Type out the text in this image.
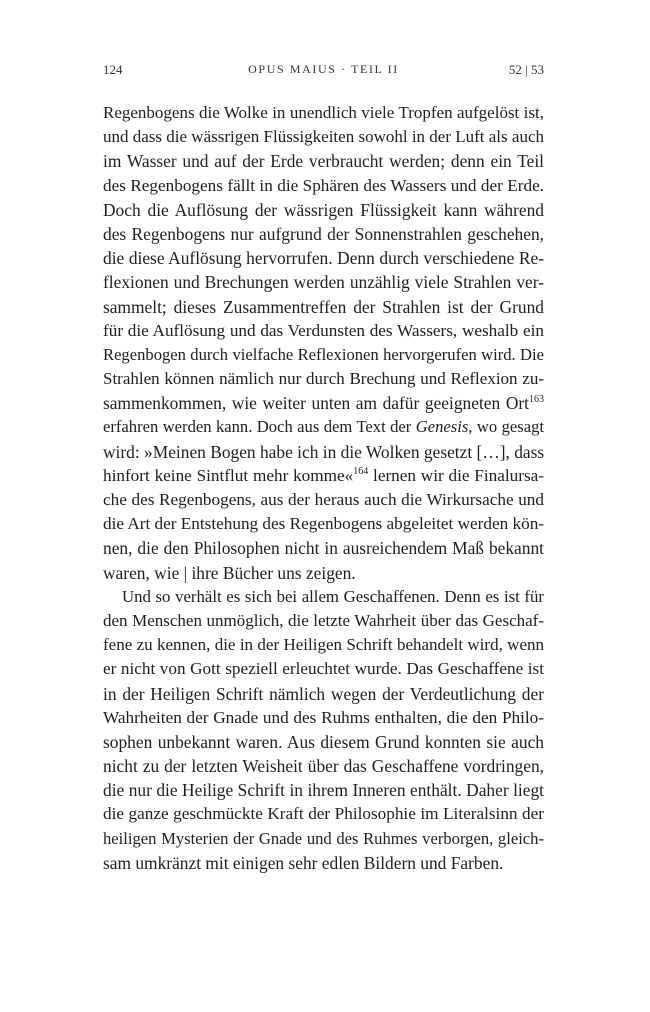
124	OPUS MAIUS · TEIL II	52 | 53
Regenbogens die Wolke in unendlich viele Tropfen aufgelöst ist,
und dass die wässrigen Flüssigkeiten sowohl in der Luft als auch
im Wasser und auf der Erde verbraucht werden; denn ein Teil
des Regenbogens fällt in die Sphären des Wassers und der Erde.
Doch die Auflösung der wässrigen Flüssigkeit kann während
des Regenbogens nur aufgrund der Sonnenstrahlen geschehen,
die diese Auflösung hervorrufen. Denn durch verschiedene Re-
flexionen und Brechungen werden unzählig viele Strahlen ver-
sammelt; dieses Zusammentreffen der Strahlen ist der Grund
für die Auflösung und das Verdunsten des Wassers, weshalb ein
Regenbogen durch vielfache Reflexionen hervorgerufen wird. Die
Strahlen können nämlich nur durch Brechung und Reflexion zu-
sammenkommen, wie weiter unten am dafür geeigneten Ort$^{163}$
erfahren werden kann. Doch aus dem Text der Genesis, wo gesagt
wird: »Meinen Bogen habe ich in die Wolken gesetzt […], dass
hinfort keine Sintflut mehr komme«$^{164}$ lernen wir die Finalursa-
che des Regenbogens, aus der heraus auch die Wirkursache und
die Art der Entstehung des Regenbogens abgeleitet werden kön-
nen, die den Philosophen nicht in ausreichendem Maß bekannt
waren, wie | ihre Bücher uns zeigen.
Und so verhält es sich bei allem Geschaffenen. Denn es ist für
den Menschen unmöglich, die letzte Wahrheit über das Geschaf-
fene zu kennen, die in der Heiligen Schrift behandelt wird, wenn
er nicht von Gott speziell erleuchtet wurde. Das Geschaffene ist
in der Heiligen Schrift nämlich wegen der Verdeutlichung der
Wahrheiten der Gnade und des Ruhms enthalten, die den Philo-
sophen unbekannt waren. Aus diesem Grund konnten sie auch
nicht zu der letzten Weisheit über das Geschaffene vordringen,
die nur die Heilige Schrift in ihrem Inneren enthält. Daher liegt
die ganze geschmückte Kraft der Philosophie im Literalsinn der
heiligen Mysterien der Gnade und des Ruhmes verborgen, gleich-
sam umkränzt mit einigen sehr edlen Bildern und Farben.
